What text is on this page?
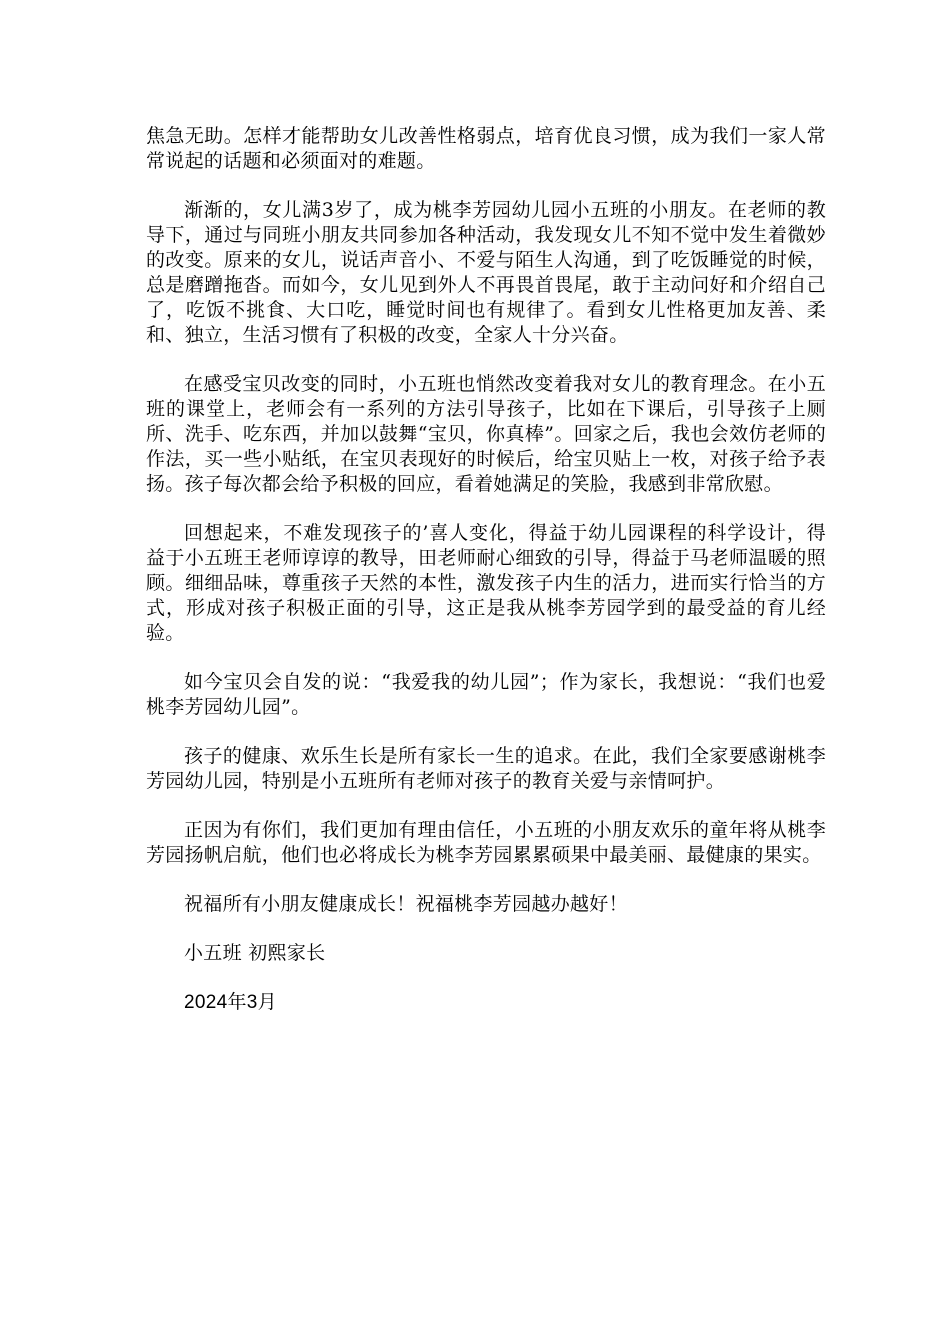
焦急无助。怎样才能帮助女儿改善性格弱点，培育优良习惯，成为我们一家人常常说起的话题和必须面对的难题。

渐渐的，女儿满3岁了，成为桃李芳园幼儿园小五班的小朋友。在老师的教导下，通过与同班小朋友共同参加各种活动，我发现女儿不知不觉中发生着微妙的改变。原来的女儿，说话声音小、不爱与陌生人沟通，到了吃饭睡觉的时候，总是磨蹭拖沓。而如今，女儿见到外人不再畏首畏尾，敢于主动问好和介绍自己了，吃饭不挑食、大口吃，睡觉时间也有规律了。看到女儿性格更加友善、柔和、独立，生活习惯有了积极的改变，全家人十分兴奋。

在感受宝贝改变的同时，小五班也悄然改变着我对女儿的教育理念。在小五班的课堂上，老师会有一系列的方法引导孩子，比如在下课后，引导孩子上厕所、洗手、吃东西，并加以鼓舞“宝贝，你真棒”。回家之后，我也会效仿老师的作法，买一些小贴纸，在宝贝表现好的时候后，给宝贝贴上一枚，对孩子给予表扬。孩子每次都会给予积极的回应，看着她满足的笑脸，我感到非常欣慰。

回想起来，不难发现孩子的’喜人变化，得益于幼儿园课程的科学设计，得益于小五班王老师谆谆的教导，田老师耐心细致的引导，得益于马老师温暖的照顾。细细品味，尊重孩子天然的本性，激发孩子内生的活力，进而实行恰当的方式，形成对孩子积极正面的引导，这正是我从桃李芳园学到的最受益的育儿经验。

如今宝贝会自发的说：“我爱我的幼儿园”；作为家长，我想说：“我们也爱桃李芳园幼儿园”。

孩子的健康、欢乐生长是所有家长一生的追求。在此，我们全家要感谢桃李芳园幼儿园，特别是小五班所有老师对孩子的教育关爱与亲情呵护。

正因为有你们，我们更加有理由信任，小五班的小朋友欢乐的童年将从桃李芳园扬帆启航，他们也必将成长为桃李芳园累累硕果中最美丽、最健康的果实。

祝福所有小朋友健康成长！祝福桃李芳园越办越好！

小五班 初熙家长

2024年3月
